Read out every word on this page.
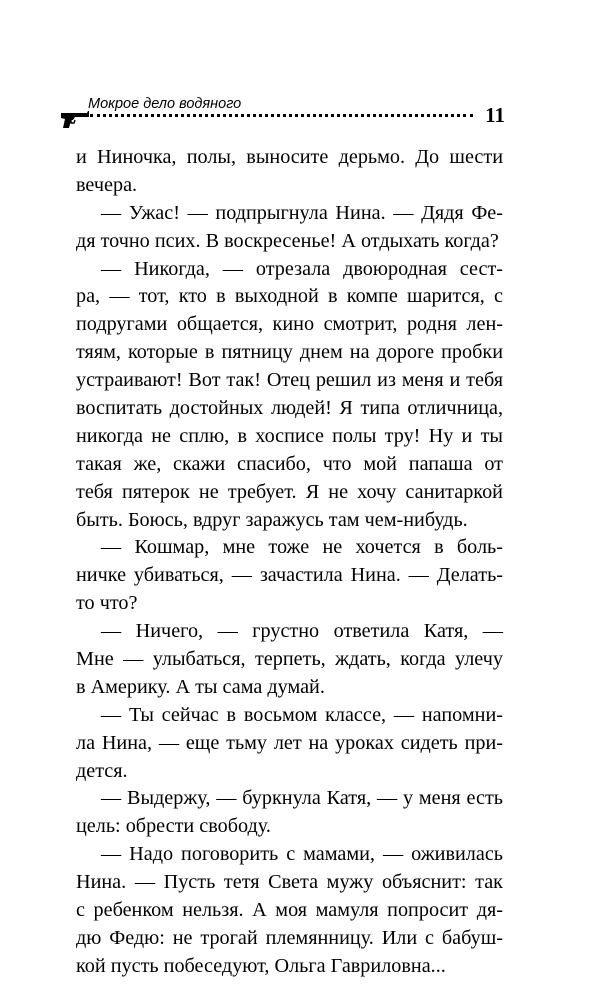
Мокрое дело водяного	11
и Ниночка, полы, выносите дерьмо. До шести
вечера.
— Ужас! — подпрыгнула Нина. — Дядя Фе-
дя точно псих. В воскресенье! А отдыхать когда?
— Никогда, — отрезала двоюродная сест-
ра, — тот, кто в выходной в компе шарится, с
подругами общается, кино смотрит, родня лен-
тяям, которые в пятницу днем на дороге пробки
устраивают! Вот так! Отец решил из меня и тебя
воспитать достойных людей! Я типа отличница,
никогда не сплю, в хосписе полы тру! Ну и ты
такая же, скажи спасибо, что мой папаша от
тебя пятерок не требует. Я не хочу санитаркой
быть. Боюсь, вдруг заражусь там чем-нибудь.
— Кошмар, мне тоже не хочется в боль-
ничке убиваться, — зачастила Нина. — Делать-
то что?
— Ничего, — грустно ответила Катя, —
Мне — улыбаться, терпеть, ждать, когда улечу
в Америку. А ты сама думай.
— Ты сейчас в восьмом классе, — напомни-
ла Нина, — еще тьму лет на уроках сидеть при-
дется.
— Выдержу, — буркнула Катя, — у меня есть
цель: обрести свободу.
— Надо поговорить с мамами, — оживилась
Нина. — Пусть тетя Света мужу объяснит: так
с ребенком нельзя. А моя мамуля попросит дя-
дю Федю: не трогай племянницу. Или с бабуш-
кой пусть побеседуют, Ольга Гавриловна...
